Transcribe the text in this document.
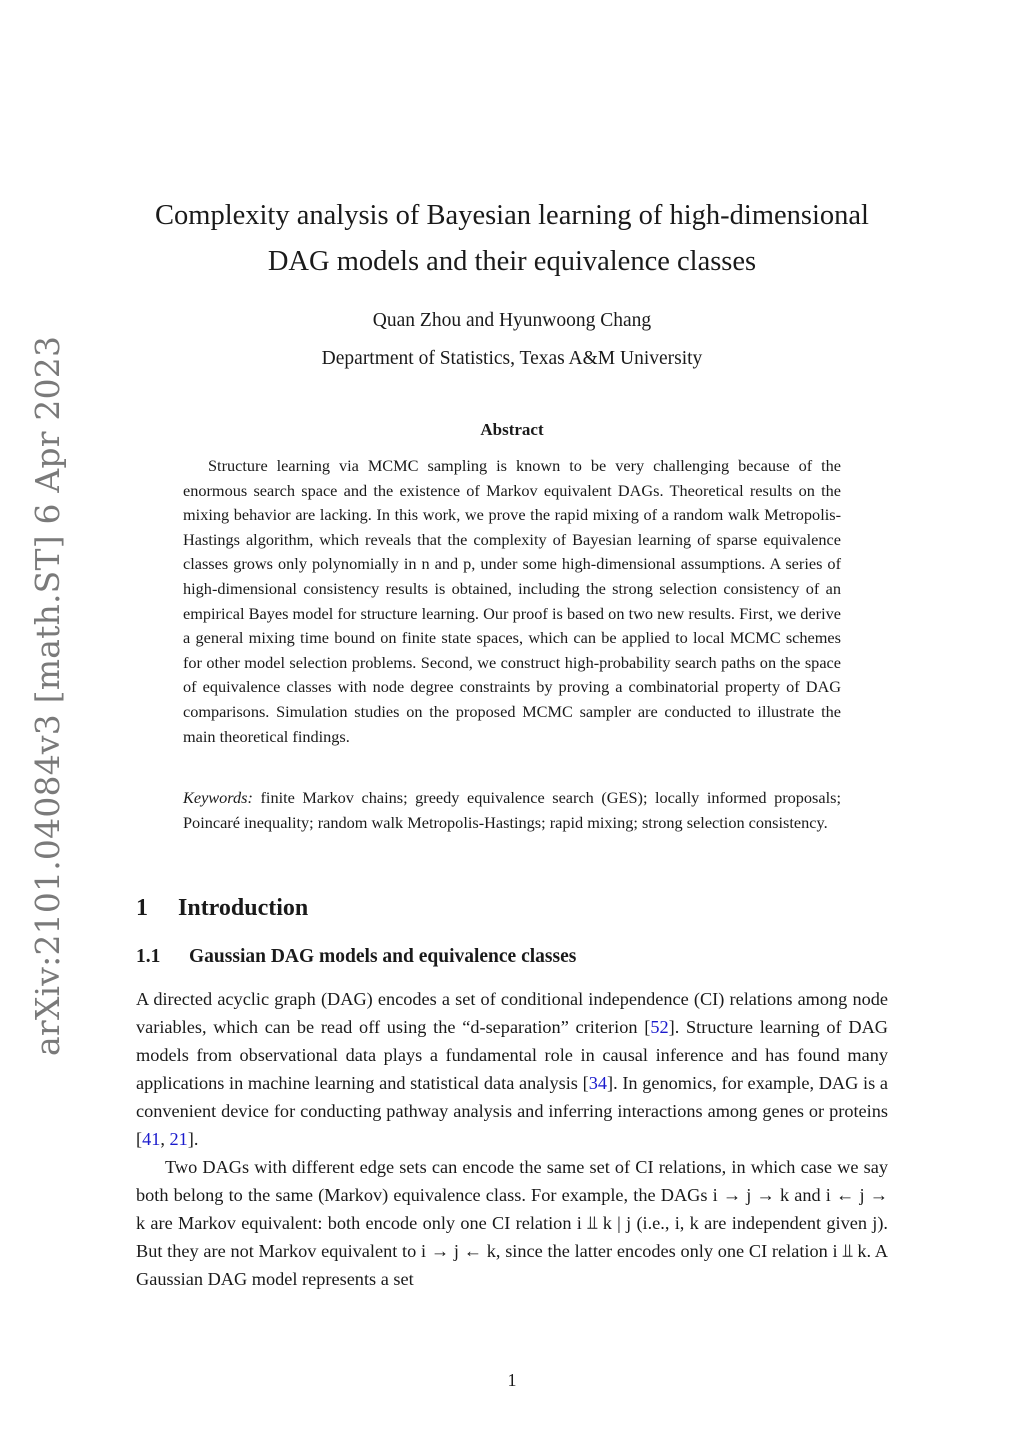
arXiv:2101.04084v3 [math.ST] 6 Apr 2023
Complexity analysis of Bayesian learning of high-dimensional
DAG models and their equivalence classes
Quan Zhou and Hyunwoong Chang
Department of Statistics, Texas A&M University
Abstract
Structure learning via MCMC sampling is known to be very challenging because of the enormous search space and the existence of Markov equivalent DAGs. Theoretical results on the mixing behavior are lacking. In this work, we prove the rapid mixing of a random walk Metropolis-Hastings algorithm, which reveals that the complexity of Bayesian learning of sparse equivalence classes grows only polynomially in n and p, under some high-dimensional assumptions. A series of high-dimensional consistency results is obtained, including the strong selection consistency of an empirical Bayes model for structure learning. Our proof is based on two new results. First, we derive a general mixing time bound on finite state spaces, which can be applied to local MCMC schemes for other model selection problems. Second, we construct high-probability search paths on the space of equivalence classes with node degree constraints by proving a combinatorial property of DAG comparisons. Simulation studies on the proposed MCMC sampler are conducted to illustrate the main theoretical findings.
Keywords: finite Markov chains; greedy equivalence search (GES); locally informed proposals; Poincaré inequality; random walk Metropolis-Hastings; rapid mixing; strong selection consistency.
1 Introduction
1.1 Gaussian DAG models and equivalence classes
A directed acyclic graph (DAG) encodes a set of conditional independence (CI) relations among node variables, which can be read off using the “d-separation” criterion [52]. Structure learning of DAG models from observational data plays a fundamental role in causal inference and has found many applications in machine learning and statistical data analysis [34]. In genomics, for example, DAG is a convenient device for conducting pathway analysis and inferring interactions among genes or proteins [41, 21].
Two DAGs with different edge sets can encode the same set of CI relations, in which case we say both belong to the same (Markov) equivalence class. For example, the DAGs i → j → k and i ← j → k are Markov equivalent: both encode only one CI relation i ⫫ k | j (i.e., i, k are independent given j). But they are not Markov equivalent to i → j ← k, since the latter encodes only one CI relation i ⫫ k. A Gaussian DAG model represents a set
1
